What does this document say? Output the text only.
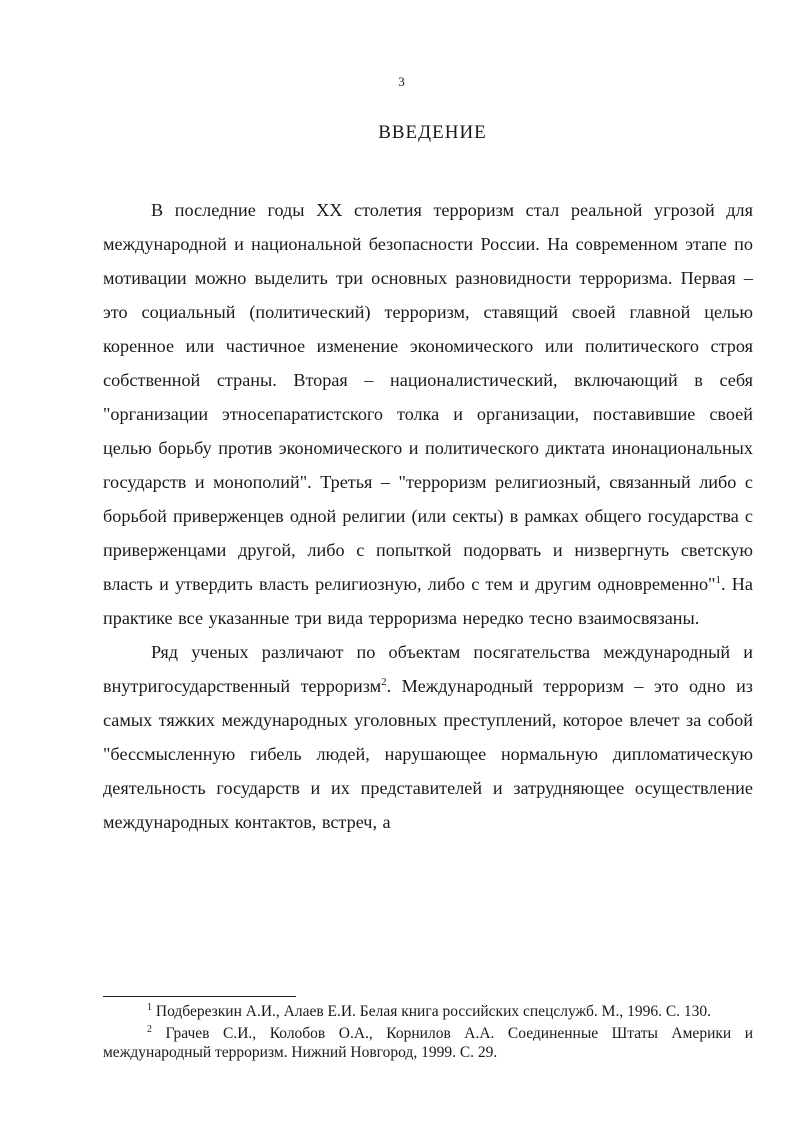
3
ВВЕДЕНИЕ

В последние годы XX столетия терроризм стал реальной угрозой для международной и национальной безопасности России. На современном этапе по мотивации можно выделить три основных разновидности терроризма. Первая – это социальный (политический) терроризм, ставящий своей главной целью коренное или частичное изменение экономического или политического строя собственной страны. Вторая – националистический, включающий в себя "организации этносепаратистского толка и организации, поставившие своей целью борьбу против экономического и политического диктата инонациональных государств и монополий". Третья – "терроризм религиозный, связанный либо с борьбой приверженцев одной религии (или секты) в рамках общего государства с приверженцами другой, либо с попыткой подорвать и низвергнуть светскую власть и утвердить власть религиозную, либо с тем и другим одновременно"$^1$. На практике все указанные три вида терроризма нередко тесно взаимосвязаны.

Ряд ученых различают по объектам посягательства международный и внутригосударственный терроризм$^2$. Международный терроризм – это одно из самых тяжких международных уголовных преступлений, которое влечет за собой "бессмысленную гибель людей, нарушающее нормальную дипломатическую деятельность государств и их представителей и затрудняющее осуществление международных контактов, встреч, а

$^1$ Подберезкин А.И., Алаев Е.И. Белая книга российских спецслужб. М., 1996. С. 130.

$^2$ Грачев С.И., Колобов О.А., Корнилов А.А. Соединенные Штаты Америки и международный терроризм. Нижний Новгород, 1999. С. 29.
